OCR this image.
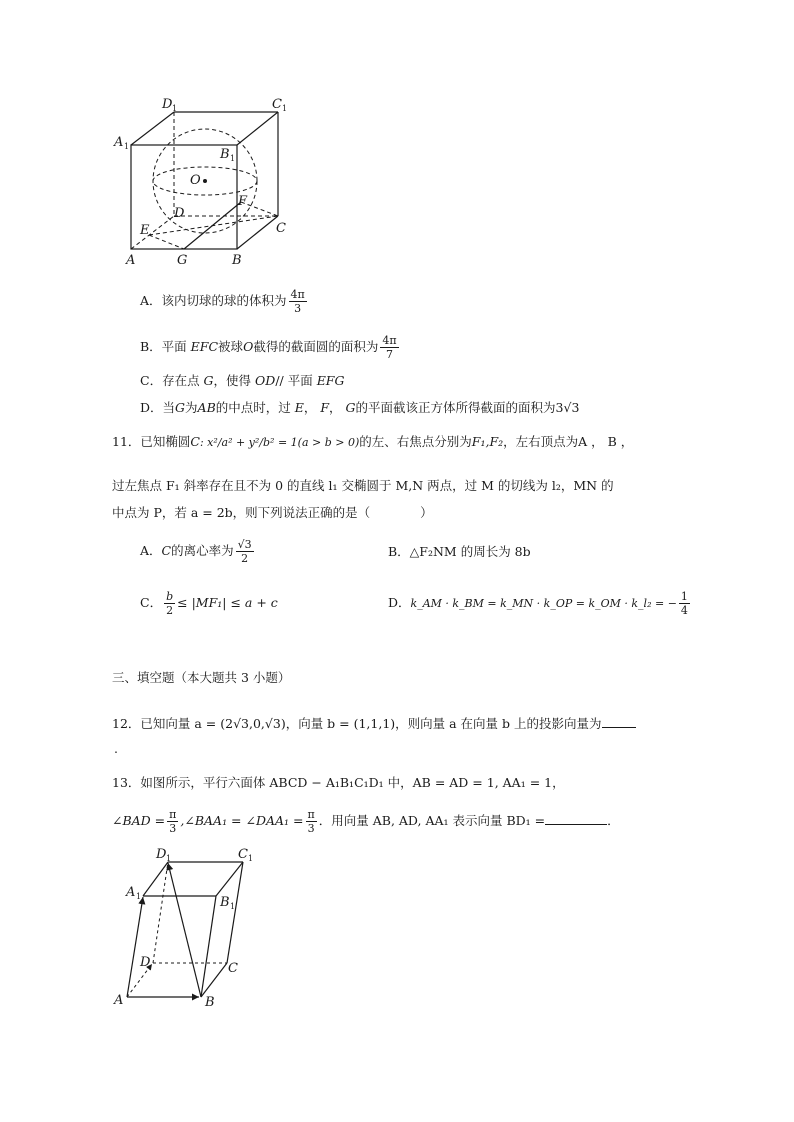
D 1	C 1
A 1
B 1
O
D
F
E	C
A	G	B
A．该内切球的球的体积为 $\frac{4\pi}{3}$
B．平面 EFC被球O截得的截面圆的面积为 $\frac{4\pi}{7}$
C．存在点 G，使得 OD// 平面 EFG
D．当G为AB的中点时，过 E， F， G的平面截该正方体所得截面的面积为3√3
11．已知椭圆C: x²/a² + y²/b² = 1(a > b > 0)的左、右焦点分别为F₁,F₂，左右顶点为A ， B ，
过左焦点 F₁ 斜率存在且不为 0 的直线 l₁ 交椭圆于 M,N 两点，过 M 的切线为 l₂，MN 的
中点为 P，若 a = 2b，则下列说法正确的是（　　　　）
A．C的离心率为 $\frac{√3}{2}$	B．△F₂NM 的周长为 8b
C． $\frac{b}{2} \le |MF_1| \le a + c$	D．k_AM · k_BM = k_MN · k_OP = k_OM · k_l₂ = − $\frac{1}{4}$
三、填空题（本大题共 3 小题）
12．已知向量 a = (2√3,0,√3)，向量 b = (1,1,1)，则向量 a 在向量 b 上的投影向量为
.
13．如图所示，平行六面体 ABCD − A₁B₁C₁D₁ 中，AB = AD = 1, AA₁ = 1，
∠BAD = $\frac{\pi}{3}$ ,∠BAA₁ = ∠DAA₁ = $\frac{\pi}{3}$ ．用向量 AB, AD, AA₁ 表示向量 BD₁ =	．
D 1	C 1
A 1	B 1
D	C
A	B
